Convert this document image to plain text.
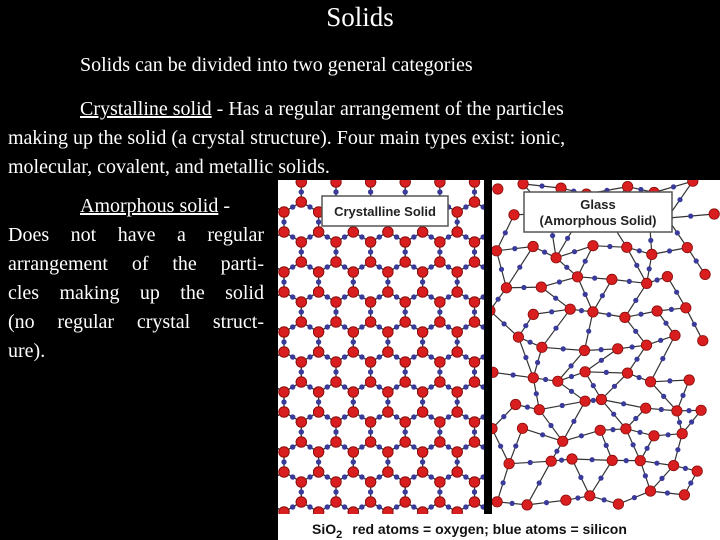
Solids
Solids can be divided into two general categories
Crystalline solid - Has a regular arrangement of the particles
making up the solid (a crystal structure). Four main types exist: ionic,
molecular, covalent, and metallic solids.
Amorphous solid -
Does not have a regular
arrangement of the parti-
cles making up the solid
(no regular crystal struct-
ure).
Crystalline Solid	Glass
(Amorphous Solid)
SiO$_2$ red atoms = oxygen; blue atoms = silicon
